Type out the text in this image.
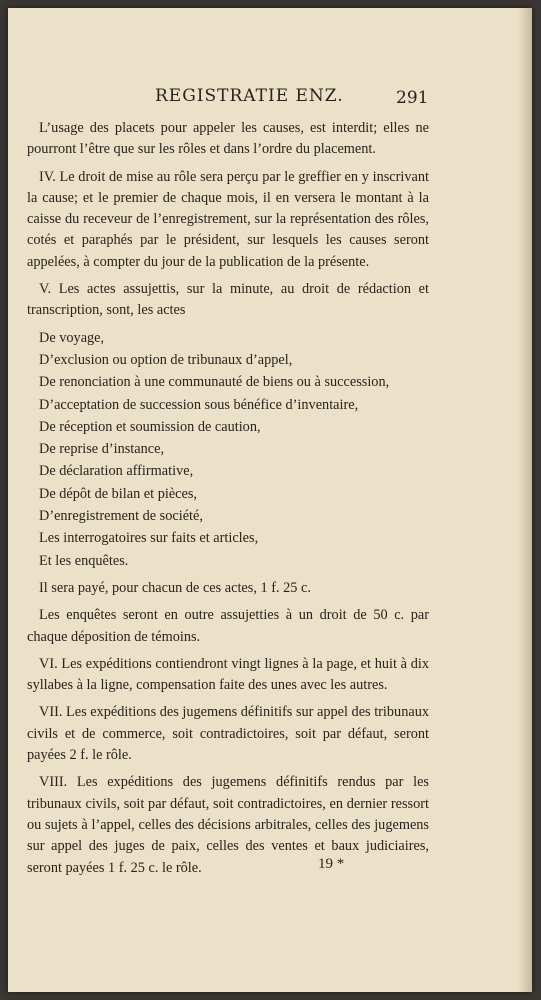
REGISTRATIE ENZ.	291

L’usage des placets pour appeler les causes, est interdit; elles ne pourront l’être que sur les rôles et dans l’ordre du placement.

IV. Le droit de mise au rôle sera perçu par le greffier en y inscrivant la cause; et le premier de chaque mois, il en versera le montant à la caisse du receveur de l’enregistrement, sur la représentation des rôles, cotés et paraphés par le président, sur lesquels les causes seront appelées, à compter du jour de la publication de la présente.

V. Les actes assujettis, sur la minute, au droit de rédaction et transcription, sont, les actes

De voyage,

D’exclusion ou option de tribunaux d’appel,

De renonciation à une communauté de biens ou à succession,

D’acceptation de succession sous bénéfice d’inventaire,

De réception et soumission de caution,

De reprise d’instance,

De déclaration affirmative,

De dépôt de bilan et pièces,

D’enregistrement de société,

Les interrogatoires sur faits et articles,

Et les enquêtes.

Il sera payé, pour chacun de ces actes, 1 f. 25 c.

Les enquêtes seront en outre assujetties à un droit de 50 c. par chaque déposition de témoins.

VI. Les expéditions contiendront vingt lignes à la page, et huit à dix syllabes à la ligne, compensation faite des unes avec les autres.

VII. Les expéditions des jugemens définitifs sur appel des tribunaux civils et de commerce, soit contradictoires, soit par défaut, seront payées 2 f. le rôle.

VIII. Les expéditions des jugemens définitifs rendus par les tribunaux civils, soit par défaut, soit contradictoires, en dernier ressort ou sujets à l’appel, celles des décisions arbitrales, celles des jugemens sur appel des juges de paix, celles des ventes et baux judiciaires, seront payées 1 f. 25 c. le rôle.	19 *
